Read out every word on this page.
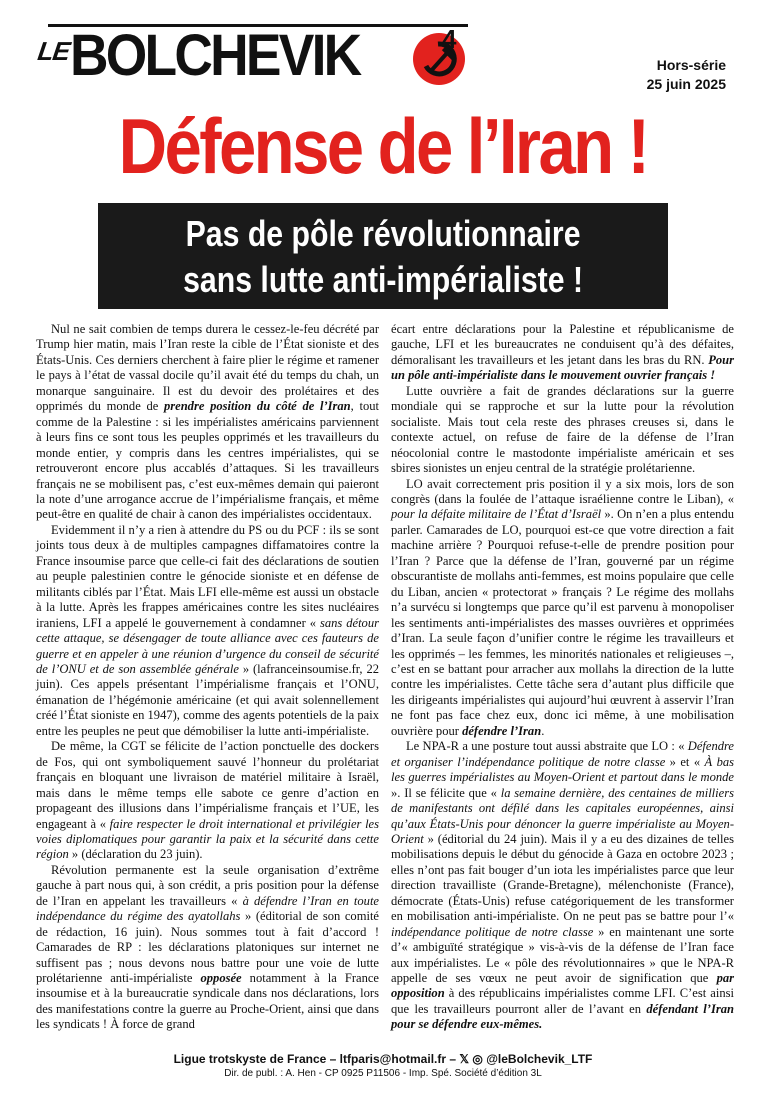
LE
BOLCHEVIK	4
Hors-série
25 juin 2025
Défense de l’Iran !
Pas de pôle révolutionnaire
sans lutte anti-impérialiste !

Nul ne sait combien de temps durera le cessez-le-feu décrété par Trump hier matin, mais l’Iran reste la cible de l’État sioniste et des États-Unis. Ces derniers cherchent à faire plier le régime et ramener le pays à l’état de vassal docile qu’il avait été du temps du chah, un monarque sanguinaire. Il est du devoir des prolétaires et des opprimés du monde de prendre position du côté de l’Iran, tout comme de la Palestine : si les impérialistes américains parviennent à leurs fins ce sont tous les peuples opprimés et les travailleurs du monde entier, y compris dans les centres impérialistes, qui se retrouveront encore plus accablés d’attaques. Si les travailleurs français ne se mobilisent pas, c’est eux-mêmes demain qui paieront la note d’une arrogance accrue de l’impérialisme français, et même peut-être en qualité de chair à canon des impérialistes occidentaux.

Evidemment il n’y a rien à attendre du PS ou du PCF : ils se sont joints tous deux à de multiples campagnes diffamatoires contre la France insoumise parce que celle-ci fait des déclarations de soutien au peuple palestinien contre le génocide sioniste et en défense de militants ciblés par l’État. Mais LFI elle-même est aussi un obstacle à la lutte. Après les frappes américaines contre les sites nucléaires iraniens, LFI a appelé le gouvernement à condamner « sans détour cette attaque, se désengager de toute alliance avec ces fauteurs de guerre et en appeler à une réunion d’urgence du conseil de sécurité de l’ONU et de son assemblée générale » (lafranceinsoumise.fr, 22 juin). Ces appels présentant l’impérialisme français et l’ONU, émanation de l’hégémonie américaine (et qui avait solennellement créé l’État sioniste en 1947), comme des agents potentiels de la paix entre les peuples ne peut que démobiliser la lutte anti-impérialiste.

De même, la CGT se félicite de l’action ponctuelle des dockers de Fos, qui ont symboliquement sauvé l’honneur du prolétariat français en bloquant une livraison de matériel militaire à Israël, mais dans le même temps elle sabote ce genre d’action en propageant des illusions dans l’impérialisme français et l’UE, les engageant à « faire respecter le droit international et privilégier les voies diplomatiques pour garantir la paix et la sécurité dans cette région » (déclaration du 23 juin).

Révolution permanente est la seule organisation d’extrême gauche à part nous qui, à son crédit, a pris position pour la défense de l’Iran en appelant les travailleurs « à défendre l’Iran en toute indépendance du régime des ayatollahs » (éditorial de son comité de rédaction, 16 juin). Nous sommes tout à fait d’accord ! Camarades de RP : les déclarations platoniques sur internet ne suffisent pas ; nous devons nous battre pour une voie de lutte prolétarienne anti-impérialiste opposée notamment à la France insoumise et à la bureaucratie syndicale dans nos déclarations, lors des manifestations contre la guerre au Proche-Orient, ainsi que dans les syndicats ! À force de grand

écart entre déclarations pour la Palestine et républicanisme de gauche, LFI et les bureaucrates ne conduisent qu’à des défaites, démoralisant les travailleurs et les jetant dans les bras du RN. Pour un pôle anti-impérialiste dans le mouvement ouvrier français !

Lutte ouvrière a fait de grandes déclarations sur la guerre mondiale qui se rapproche et sur la lutte pour la révolution socialiste. Mais tout cela reste des phrases creuses si, dans le contexte actuel, on refuse de faire de la défense de l’Iran néocolonial contre le mastodonte impérialiste américain et ses sbires sionistes un enjeu central de la stratégie prolétarienne.

LO avait correctement pris position il y a six mois, lors de son congrès (dans la foulée de l’attaque israélienne contre le Liban), « pour la défaite militaire de l’État d’Israël ». On n’en a plus entendu parler. Camarades de LO, pourquoi est-ce que votre direction a fait machine arrière ? Pourquoi refuse-t-elle de prendre position pour l’Iran ? Parce que la défense de l’Iran, gouverné par un régime obscurantiste de mollahs anti-femmes, est moins populaire que celle du Liban, ancien « protectorat » français ? Le régime des mollahs n’a survécu si longtemps que parce qu’il est parvenu à monopoliser les sentiments anti-impérialistes des masses ouvrières et opprimées d’Iran. La seule façon d’unifier contre le régime les travailleurs et les opprimés – les femmes, les minorités nationales et religieuses –, c’est en se battant pour arracher aux mollahs la direction de la lutte contre les impérialistes. Cette tâche sera d’autant plus difficile que les dirigeants impérialistes qui aujourd’hui œuvrent à asservir l’Iran ne font pas face chez eux, donc ici même, à une mobilisation ouvrière pour défendre l’Iran.

Le NPA-R a une posture tout aussi abstraite que LO : « Défendre et organiser l’indépendance politique de notre classe » et « À bas les guerres impérialistes au Moyen-Orient et partout dans le monde ». Il se félicite que « la semaine dernière, des centaines de milliers de manifestants ont défilé dans les capitales européennes, ainsi qu’aux États-Unis pour dénoncer la guerre impérialiste au Moyen-Orient » (éditorial du 24 juin). Mais il y a eu des dizaines de telles mobilisations depuis le début du génocide à Gaza en octobre 2023 ; elles n’ont pas fait bouger d’un iota les impérialistes parce que leur direction travailliste (Grande-Bretagne), mélenchoniste (France), démocrate (États-Unis) refuse catégoriquement de les transformer en mobilisation anti-impérialiste. On ne peut pas se battre pour l’« indépendance politique de notre classe » en maintenant une sorte d’« ambiguïté stratégique » vis-à-vis de la défense de l’Iran face aux impérialistes. Le « pôle des révolutionnaires » que le NPA-R appelle de ses vœux ne peut avoir de signification que par opposition à des républicains impérialistes comme LFI. C’est ainsi que les travailleurs pourront aller de l’avant en défendant l’Iran pour se défendre eux-mêmes.

Ligue trotskyste de France – ltfparis@hotmail.fr – 𝕏 ◎ @leBolchevik_LTF
Dir. de publ. : A. Hen - CP 0925 P11506 - Imp. Spé. Société d’édition 3L
